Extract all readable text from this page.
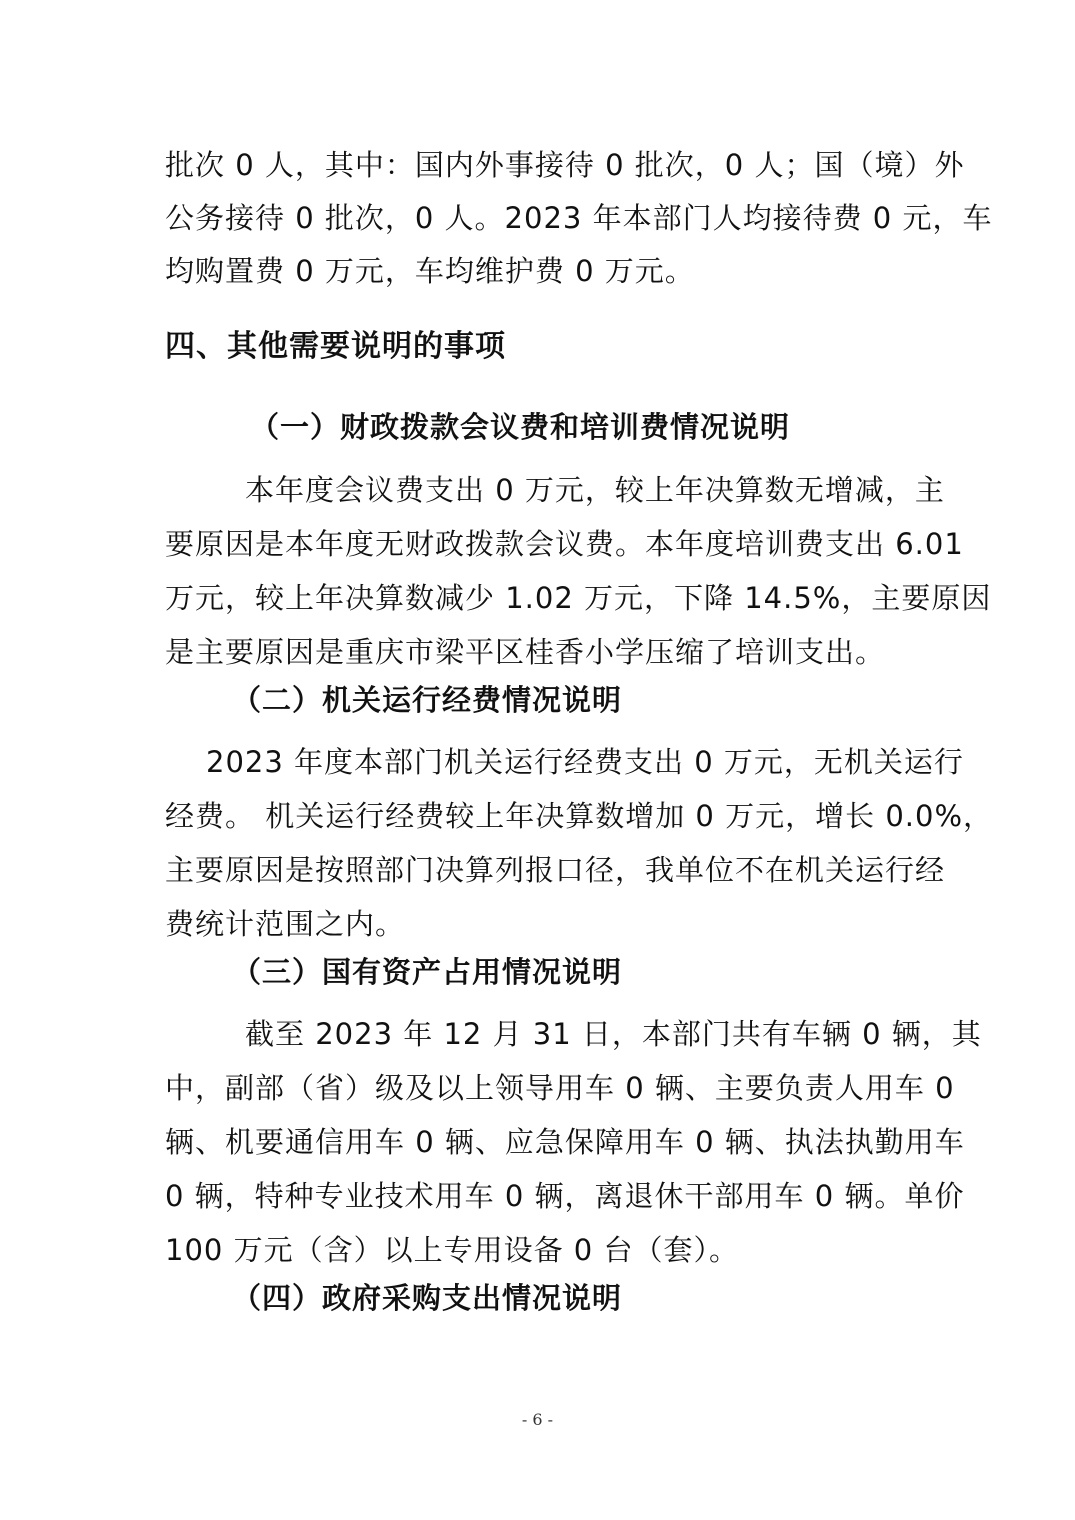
批次 0 人，其中：国内外事接待 0 批次，0 人；国（境）外
公务接待 0 批次，0 人。2023 年本部门人均接待费 0 元，车
均购置费 0 万元，车均维护费 0 万元。
四、其他需要说明的事项
（一）财政拨款会议费和培训费情况说明
本年度会议费支出 0 万元，较上年决算数无增减，主
要原因是本年度无财政拨款会议费。本年度培训费支出 6.01
万元，较上年决算数减少 1.02 万元，下降 14.5%，主要原因
是主要原因是重庆市梁平区桂香小学压缩了培训支出。
（二）机关运行经费情况说明
2023 年度本部门机关运行经费支出 0 万元，无机关运行
经费。 机关运行经费较上年决算数增加 0 万元，增长 0.0%，
主要原因是按照部门决算列报口径，我单位不在机关运行经
费统计范围之内。
（三）国有资产占用情况说明
截至 2023 年 12 月 31 日，本部门共有车辆 0 辆，其
中，副部（省）级及以上领导用车 0 辆、主要负责人用车 0
辆、机要通信用车 0 辆、应急保障用车 0 辆、执法执勤用车
0 辆，特种专业技术用车 0 辆，离退休干部用车 0 辆。单价
100 万元（含）以上专用设备 0 台（套）。
（四）政府采购支出情况说明
- 6 -
